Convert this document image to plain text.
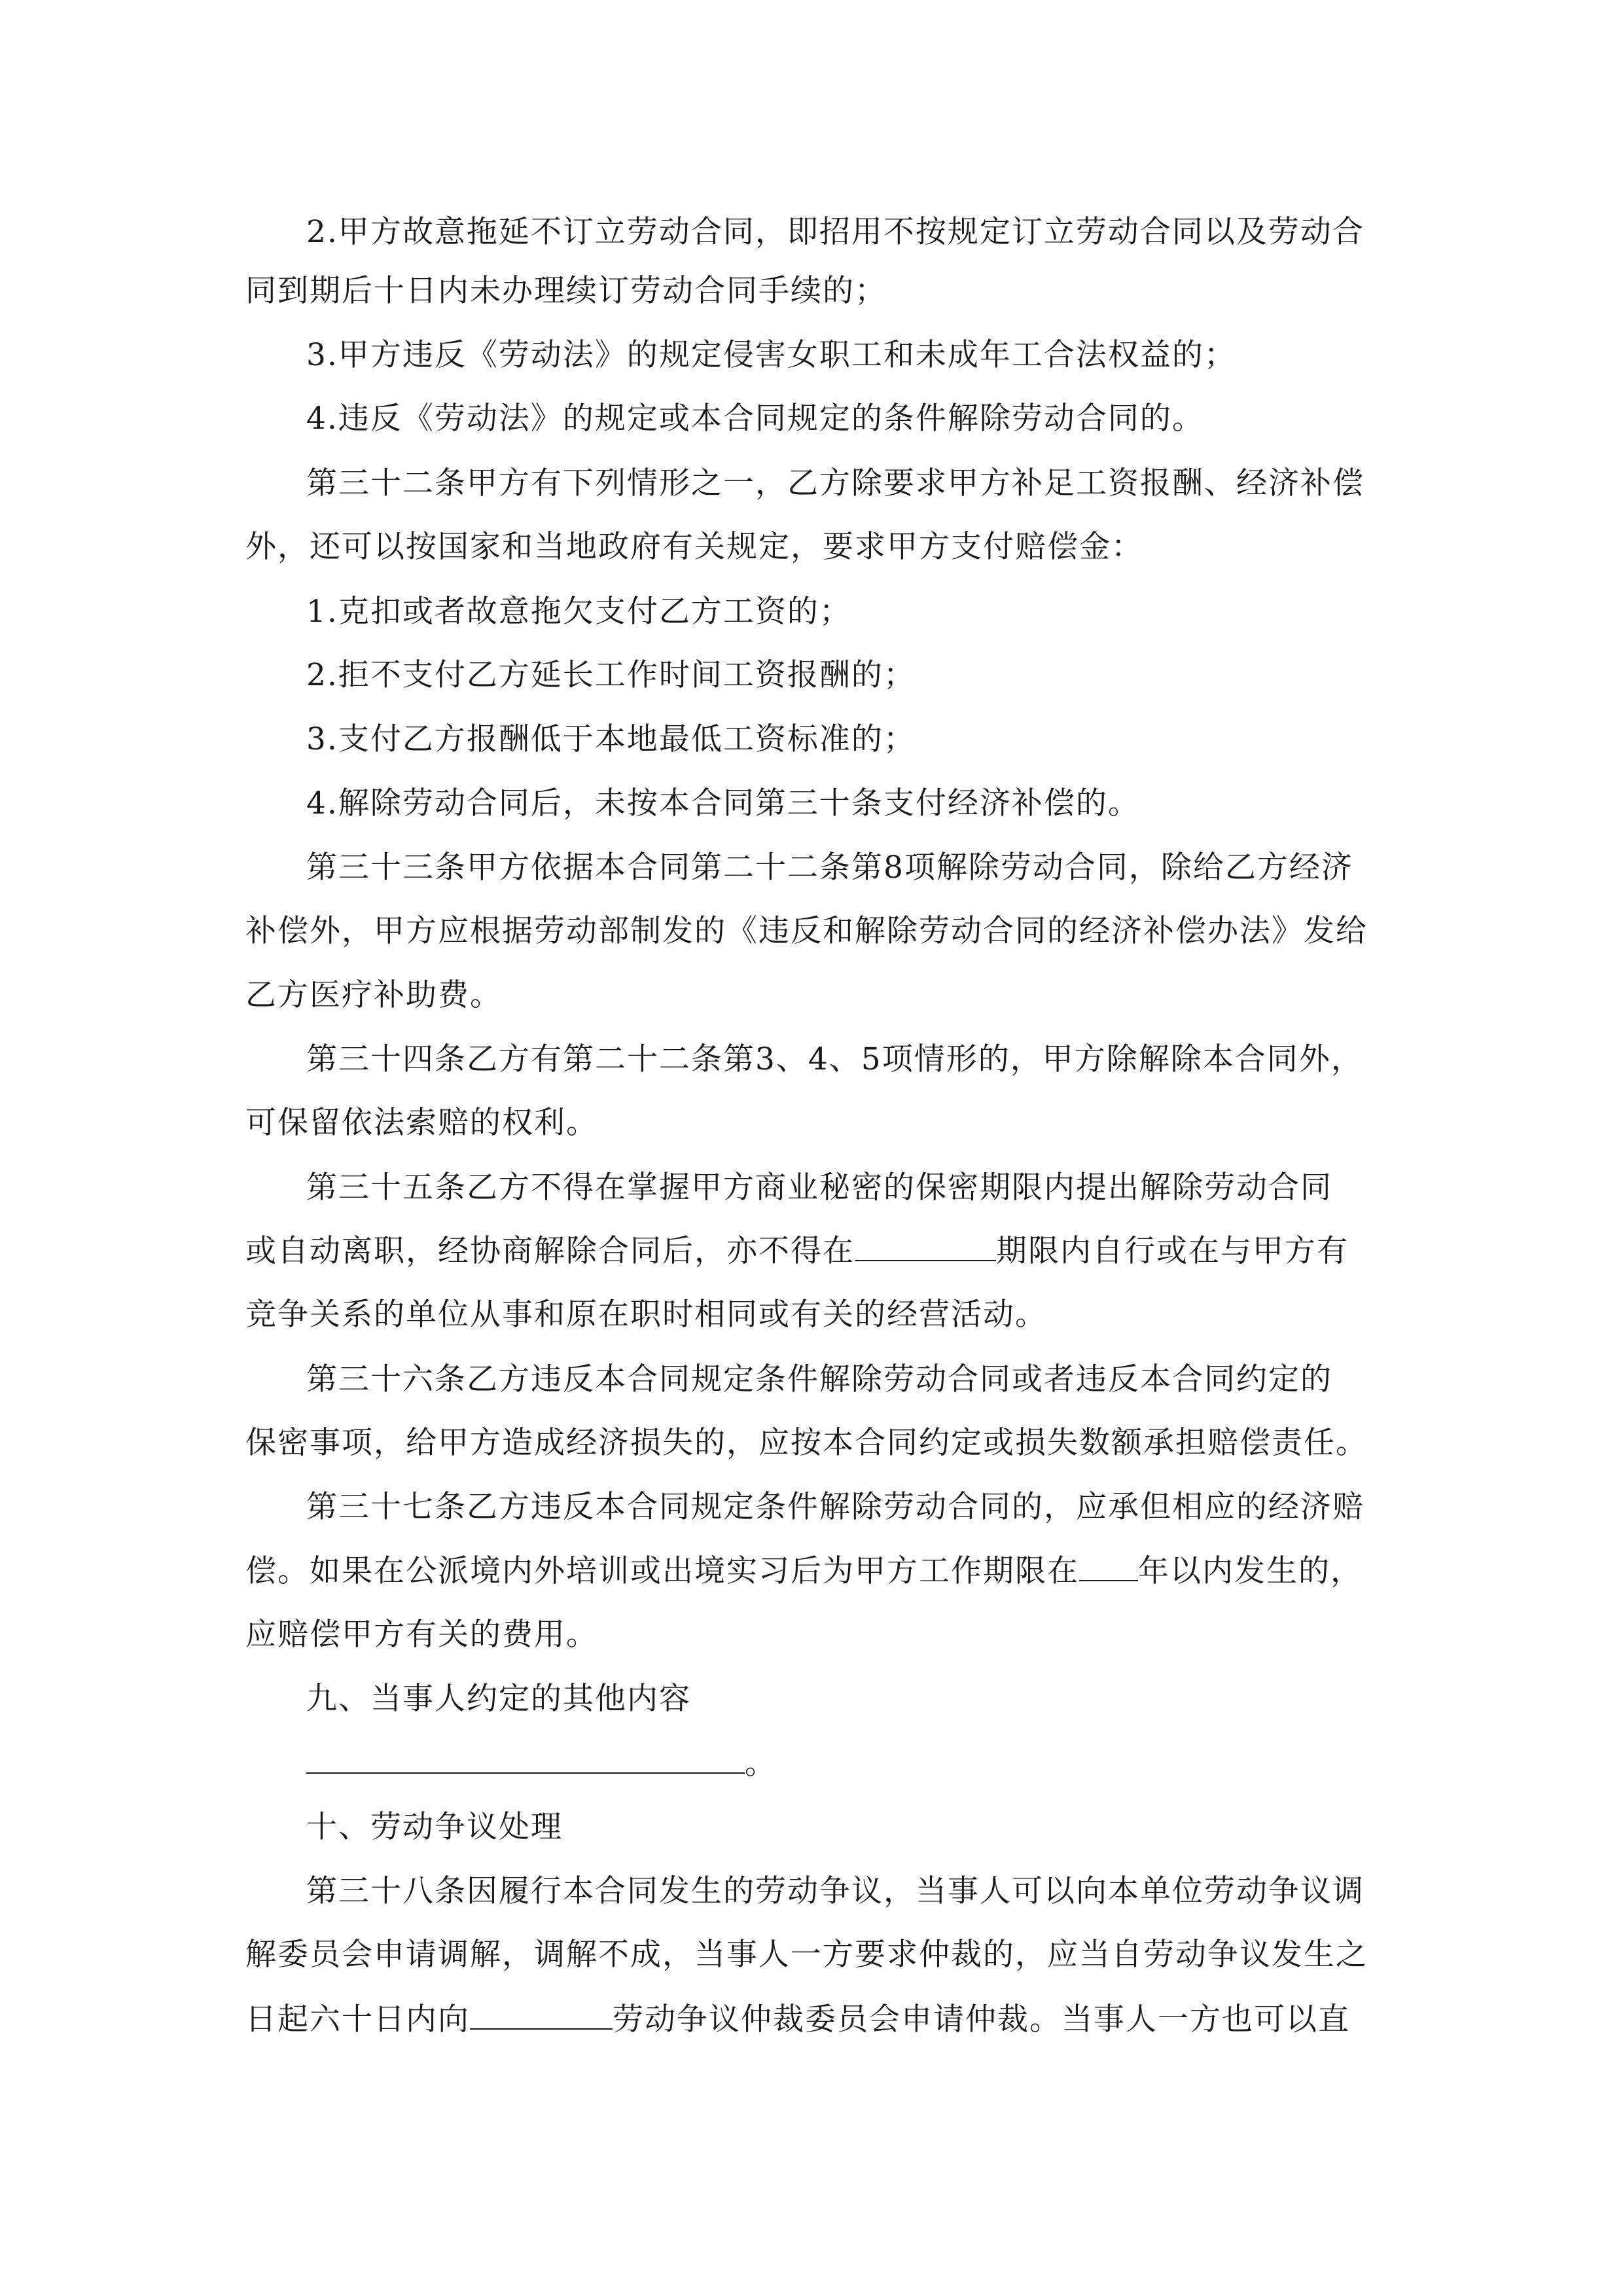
2.甲方故意拖延不订立劳动合同，即招用不按规定订立劳动合同以及劳动合
同到期后十日内未办理续订劳动合同手续的；
3.甲方违反《劳动法》的规定侵害女职工和未成年工合法权益的；
4.违反《劳动法》的规定或本合同规定的条件解除劳动合同的。
第三十二条甲方有下列情形之一，乙方除要求甲方补足工资报酬、经济补偿
外，还可以按国家和当地政府有关规定，要求甲方支付赔偿金：
1.克扣或者故意拖欠支付乙方工资的；
2.拒不支付乙方延长工作时间工资报酬的；
3.支付乙方报酬低于本地最低工资标准的；
4.解除劳动合同后，未按本合同第三十条支付经济补偿的。
第三十三条甲方依据本合同第二十二条第8项解除劳动合同，除给乙方经济
补偿外，甲方应根据劳动部制发的《违反和解除劳动合同的经济补偿办法》发给
乙方医疗补助费。
第三十四条乙方有第二十二条第3、4、5项情形的，甲方除解除本合同外，
可保留依法索赔的权利。
第三十五条乙方不得在掌握甲方商业秘密的保密期限内提出解除劳动合同
或自动离职，经协商解除合同后，亦不得在	期限内自行或在与甲方有
竞争关系的单位从事和原在职时相同或有关的经营活动。
第三十六条乙方违反本合同规定条件解除劳动合同或者违反本合同约定的
保密事项，给甲方造成经济损失的，应按本合同约定或损失数额承担赔偿责任。
第三十七条乙方违反本合同规定条件解除劳动合同的，应承但相应的经济赔
偿。如果在公派境内外培训或出境实习后为甲方工作期限在 年以内发生的，
应赔偿甲方有关的费用。
九、当事人约定的其他内容
。
十、劳动争议处理
第三十八条因履行本合同发生的劳动争议，当事人可以向本单位劳动争议调
解委员会申请调解，调解不成，当事人一方要求仲裁的，应当自劳动争议发生之
日起六十日内向	劳动争议仲裁委员会申请仲裁。当事人一方也可以直
